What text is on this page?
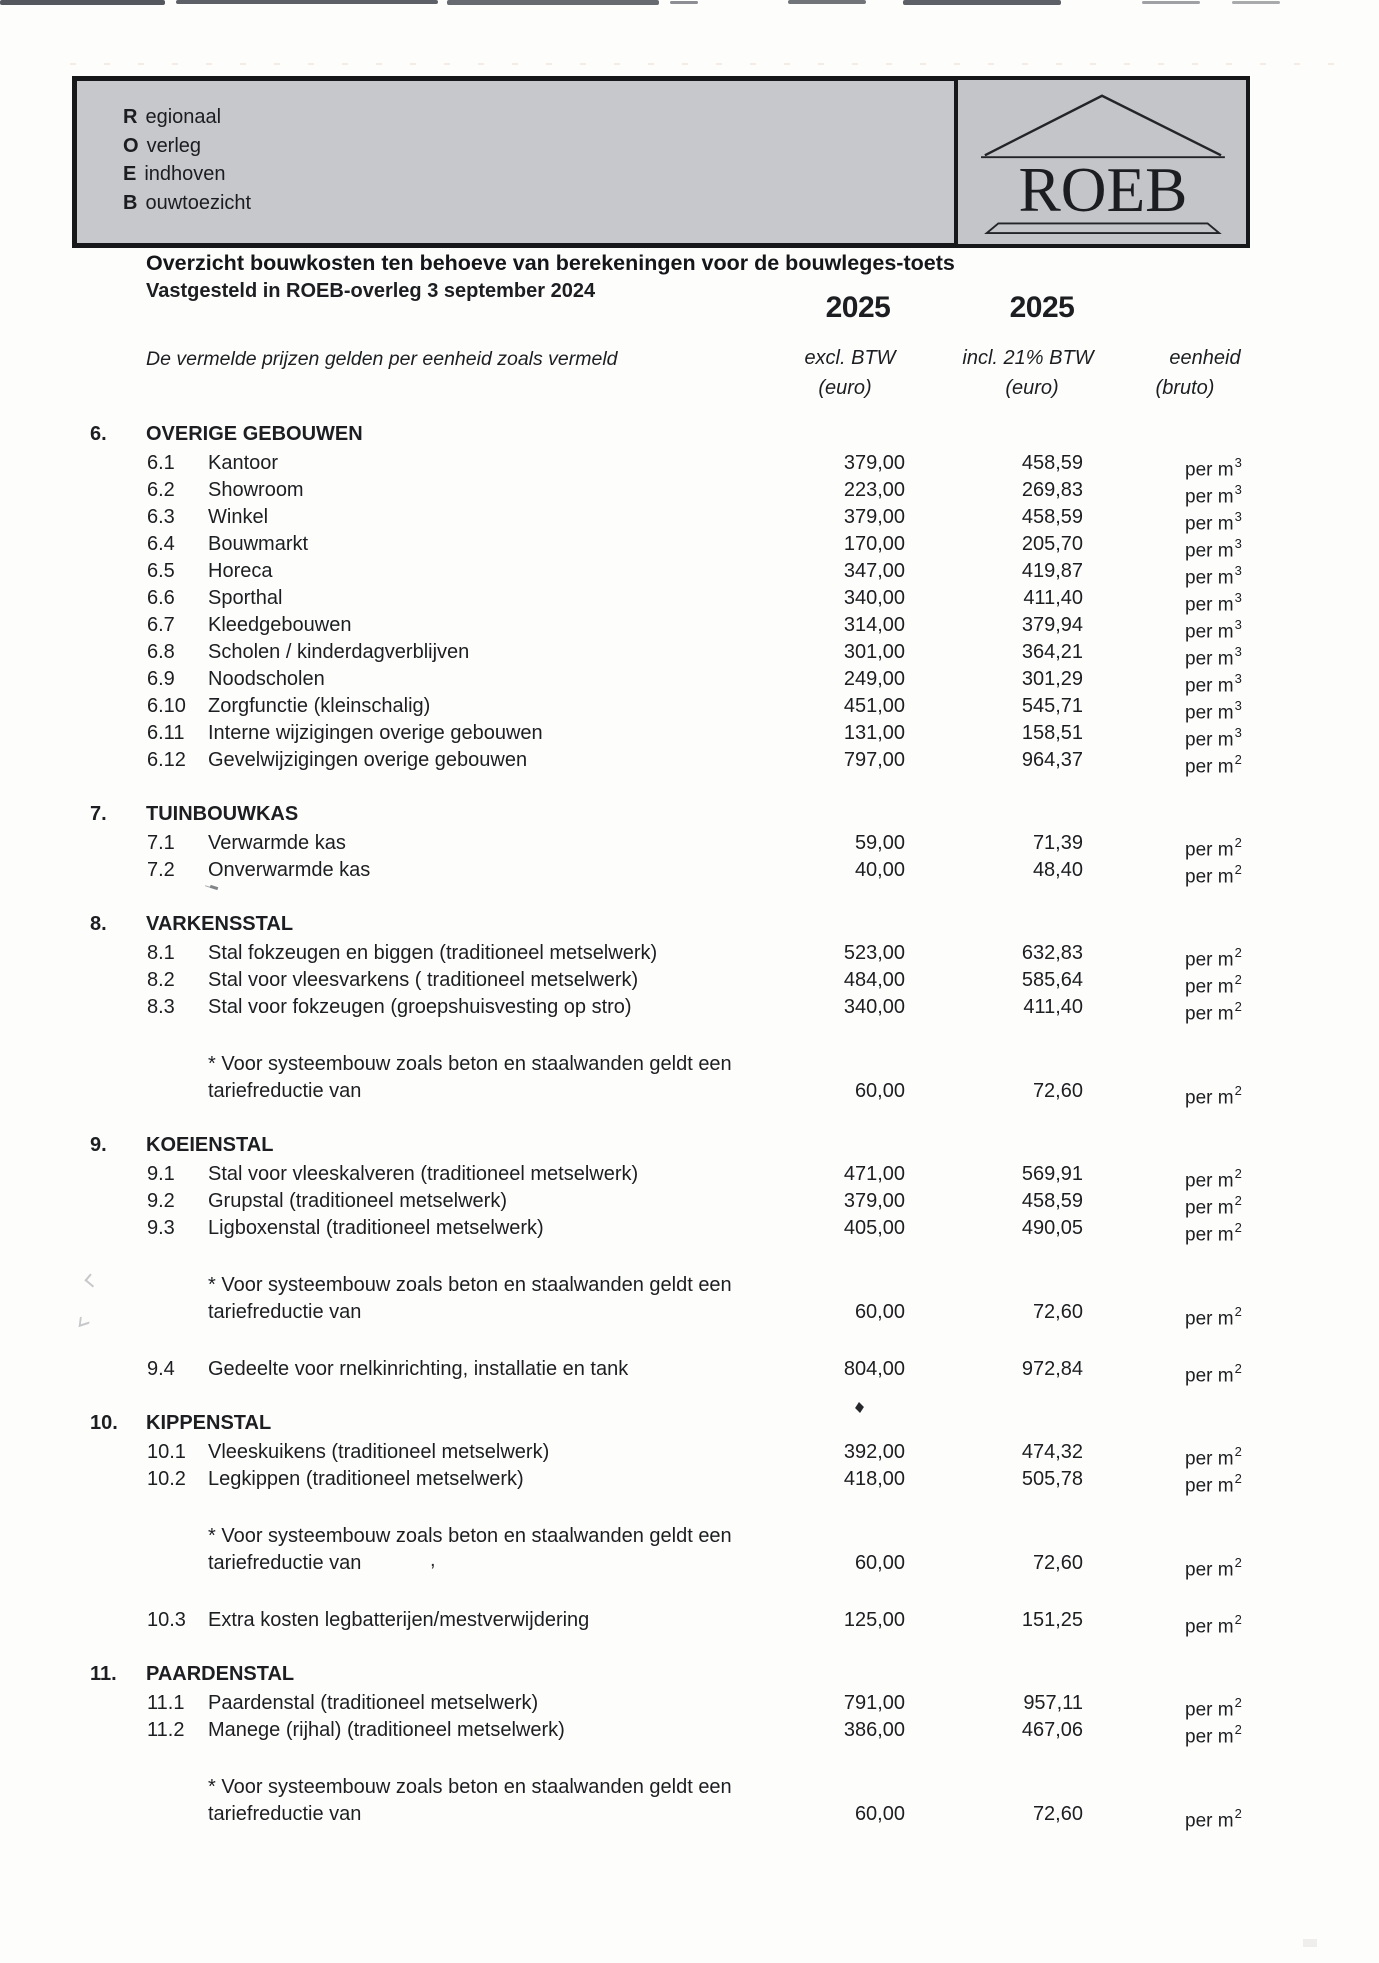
R egionaal
O verleg
E indhoven
B ouwtoezicht	ROEB
Overzicht bouwkosten ten behoeve van berekeningen voor de bouwleges-toets
Vastgesteld in ROEB-overleg 3 september 2024	2025	2025
De vermelde prijzen gelden per eenheid zoals vermeld	excl. BTW	incl. 21% BTW	eenheid
(euro)	(euro)	(bruto)
6. OVERIGE GEBOUWEN
6.1 Kantoor	379,00	458,59	per $m^3$
6.2 Showroom	223,00	269,83	per $m^3$
6.3 Winkel	379,00	458,59	per $m^3$
6.4 Bouwmarkt	170,00	205,70	per $m^3$
6.5 Horeca	347,00	419,87	per $m^3$
6.6 Sporthal	340,00	411,40	per $m^3$
6.7 Kleedgebouwen	314,00	379,94	per $m^3$
6.8 Scholen / kinderdagverblijven	301,00	364,21	per $m^3$
6.9 Noodscholen	249,00	301,29	per $m^3$
6.10 Zorgfunctie (kleinschalig)	451,00	545,71	per $m^3$
6.11 Interne wijzigingen overige gebouwen	131,00	158,51	per $m^3$
6.12 Gevelwijzigingen overige gebouwen	797,00	964,37	per $m^2$
7. TUINBOUWKAS
7.1 Verwarmde kas	59,00	71,39	per $m^2$
7.2 Onverwarmde kas	40,00	48,40	per $m^2$
8. VARKENSSTAL
8.1 Stal fokzeugen en biggen (traditioneel metselwerk)	523,00	632,83	per $m^2$
8.2 Stal voor vleesvarkens ( traditioneel metselwerk)	484,00	585,64	per $m^2$
8.3 Stal voor fokzeugen (groepshuisvesting op stro)	340,00	411,40	per $m^2$
* Voor systeembouw zoals beton en staalwanden geldt een
tariefreductie van	60,00	72,60	per $m^2$
9. KOEIENSTAL
9.1 Stal voor vleeskalveren (traditioneel metselwerk)	471,00	569,91	per $m^2$
9.2 Grupstal (traditioneel metselwerk)	379,00	458,59	per $m^2$
9.3 Ligboxenstal (traditioneel metselwerk)	405,00	490,05	per $m^2$
* Voor systeembouw zoals beton en staalwanden geldt een
tariefreductie van	60,00	72,60	per $m^2$
9.4 Gedeelte voor rnelkinrichting, installatie en tank	804,00	972,84	per $m^2$
10. KIPPENSTAL
10.1 Vleeskuikens (traditioneel metselwerk)	392,00	474,32	per $m^2$
10.2 Legkippen (traditioneel metselwerk)	418,00	505,78	per $m^2$
* Voor systeembouw zoals beton en staalwanden geldt een
tariefreductie van	60,00	72,60	per $m^2$
10.3 Extra kosten legbatterijen/mestverwijdering	125,00	151,25	per $m^2$
11. PAARDENSTAL
11.1 Paardenstal (traditioneel metselwerk)	791,00	957,11	per $m^2$
11.2 Manege (rijhal) (traditioneel metselwerk)	386,00	467,06	per $m^2$
* Voor systeembouw zoals beton en staalwanden geldt een
tariefreductie van	60,00	72,60	per $m^2$
,
